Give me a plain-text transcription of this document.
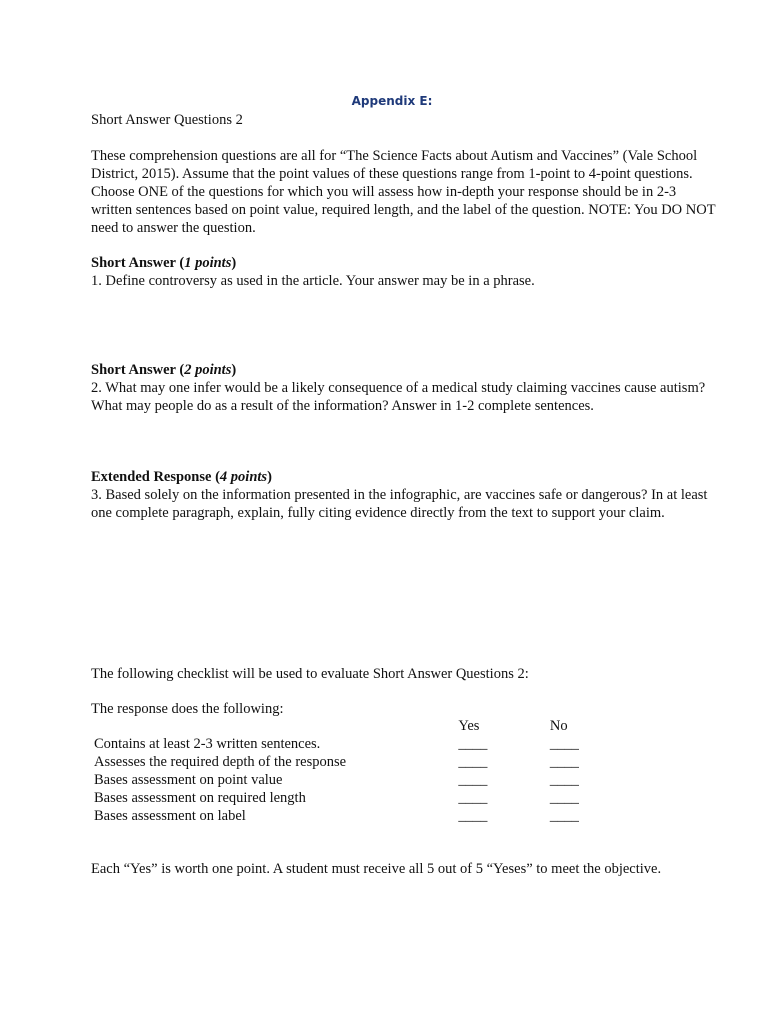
Appendix E:
Short Answer Questions 2
These comprehension questions are all for “The Science Facts about Autism and Vaccines” (Vale School District, 2015). Assume that the point values of these questions range from 1-point to 4-point questions. Choose ONE of the questions for which you will assess how in-depth your response should be in 2-3 written sentences based on point value, required length, and the label of the question. NOTE: You DO NOT need to answer the question.
Short Answer (1 points)
1. Define controversy as used in the article. Your answer may be in a phrase.
Short Answer (2 points)
2. What may one infer would be a likely consequence of a medical study claiming vaccines cause autism? What may people do as a result of the information? Answer in 1-2 complete sentences.
Extended Response (4 points)
3. Based solely on the information presented in the infographic, are vaccines safe or dangerous? In at least one complete paragraph, explain, fully citing evidence directly from the text to support your claim.
The following checklist will be used to evaluate Short Answer Questions 2:
The response does the following:
	Yes	No
Contains at least 2-3 written sentences.	____	____
Assesses the required depth of the response	____	____
Bases assessment on point value	____	____
Bases assessment on required length	____	____
Bases assessment on label	____	____
Each “Yes” is worth one point. A student must receive all 5 out of 5 “Yeses” to meet the objective.
